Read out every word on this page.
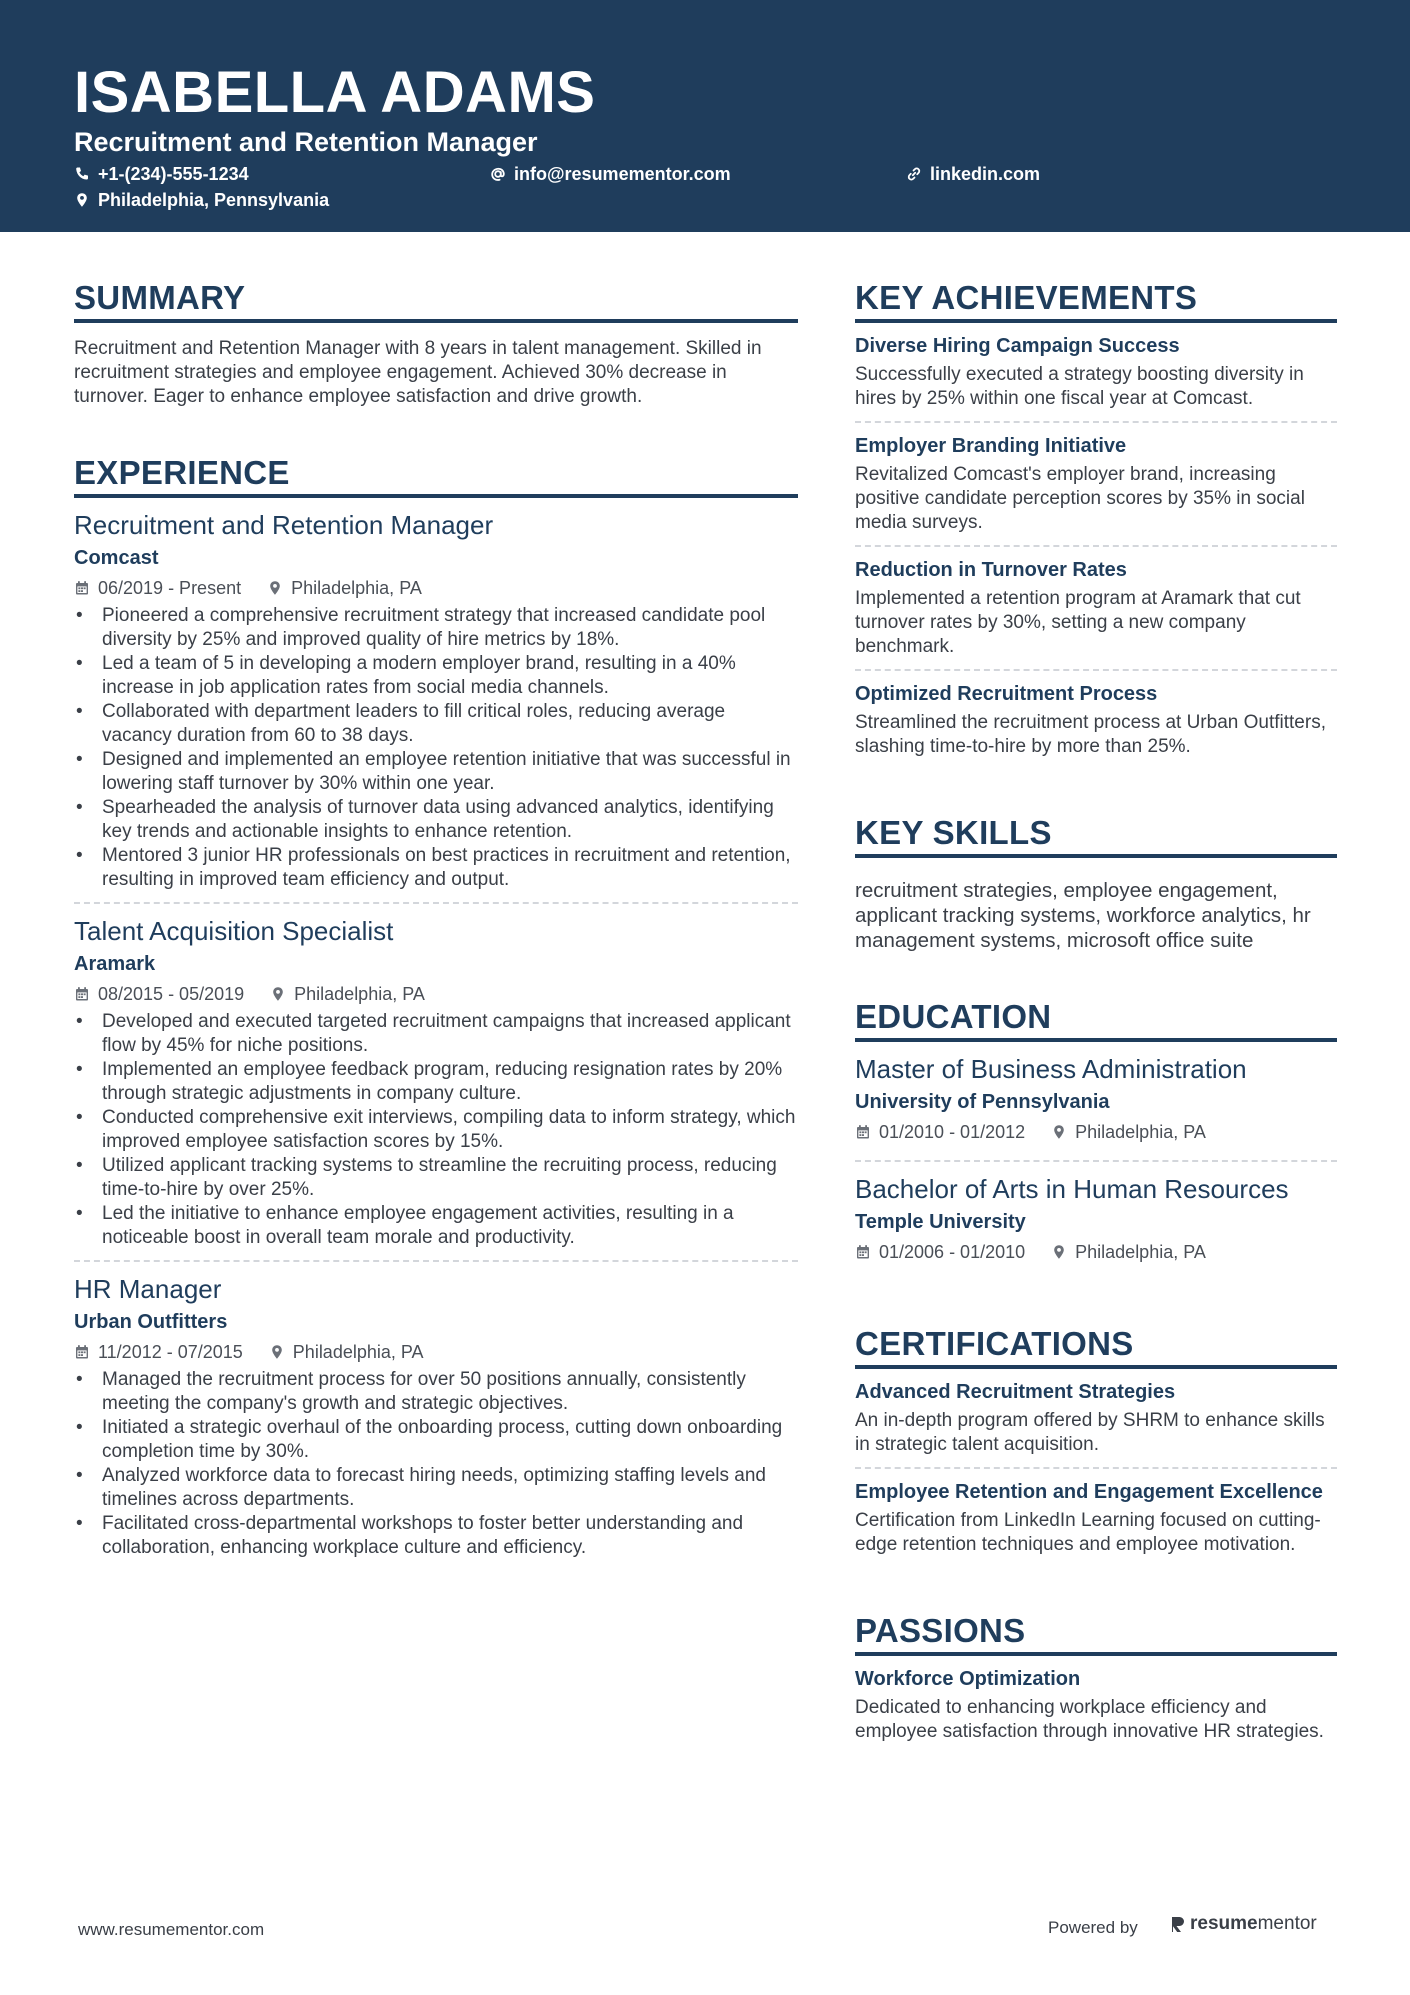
ISABELLA ADAMS
Recruitment and Retention Manager
+1-(234)-555-1234	info@resumementor.com	linkedin.com
Philadelphia, Pennsylvania
SUMMARY
Recruitment and Retention Manager with 8 years in talent management. Skilled in recruitment strategies and employee engagement. Achieved 30% decrease in turnover. Eager to enhance employee satisfaction and drive growth.
EXPERIENCE
Recruitment and Retention Manager
Comcast
06/2019 - Present	Philadelphia, PA
• Pioneered a comprehensive recruitment strategy that increased candidate pool diversity by 25% and improved quality of hire metrics by 18%.
• Led a team of 5 in developing a modern employer brand, resulting in a 40% increase in job application rates from social media channels.
• Collaborated with department leaders to fill critical roles, reducing average vacancy duration from 60 to 38 days.
• Designed and implemented an employee retention initiative that was successful in lowering staff turnover by 30% within one year.
• Spearheaded the analysis of turnover data using advanced analytics, identifying key trends and actionable insights to enhance retention.
• Mentored 3 junior HR professionals on best practices in recruitment and retention, resulting in improved team efficiency and output.
Talent Acquisition Specialist
Aramark
08/2015 - 05/2019	Philadelphia, PA
• Developed and executed targeted recruitment campaigns that increased applicant flow by 45% for niche positions.
• Implemented an employee feedback program, reducing resignation rates by 20% through strategic adjustments in company culture.
• Conducted comprehensive exit interviews, compiling data to inform strategy, which improved employee satisfaction scores by 15%.
• Utilized applicant tracking systems to streamline the recruiting process, reducing time-to-hire by over 25%.
• Led the initiative to enhance employee engagement activities, resulting in a noticeable boost in overall team morale and productivity.
HR Manager
Urban Outfitters
11/2012 - 07/2015	Philadelphia, PA
• Managed the recruitment process for over 50 positions annually, consistently meeting the company's growth and strategic objectives.
• Initiated a strategic overhaul of the onboarding process, cutting down onboarding completion time by 30%.
• Analyzed workforce data to forecast hiring needs, optimizing staffing levels and timelines across departments.
• Facilitated cross-departmental workshops to foster better understanding and collaboration, enhancing workplace culture and efficiency.
KEY ACHIEVEMENTS
Diverse Hiring Campaign Success
Successfully executed a strategy boosting diversity in hires by 25% within one fiscal year at Comcast.
Employer Branding Initiative
Revitalized Comcast's employer brand, increasing positive candidate perception scores by 35% in social media surveys.
Reduction in Turnover Rates
Implemented a retention program at Aramark that cut turnover rates by 30%, setting a new company benchmark.
Optimized Recruitment Process
Streamlined the recruitment process at Urban Outfitters, slashing time-to-hire by more than 25%.
KEY SKILLS
recruitment strategies, employee engagement, applicant tracking systems, workforce analytics, hr management systems, microsoft office suite
EDUCATION
Master of Business Administration
University of Pennsylvania
01/2010 - 01/2012	Philadelphia, PA
Bachelor of Arts in Human Resources
Temple University
01/2006 - 01/2010	Philadelphia, PA
CERTIFICATIONS
Advanced Recruitment Strategies
An in-depth program offered by SHRM to enhance skills in strategic talent acquisition.
Employee Retention and Engagement Excellence
Certification from LinkedIn Learning focused on cutting-edge retention techniques and employee motivation.
PASSIONS
Workforce Optimization
Dedicated to enhancing workplace efficiency and employee satisfaction through innovative HR strategies.
www.resumementor.com	Powered by	resume mentor
